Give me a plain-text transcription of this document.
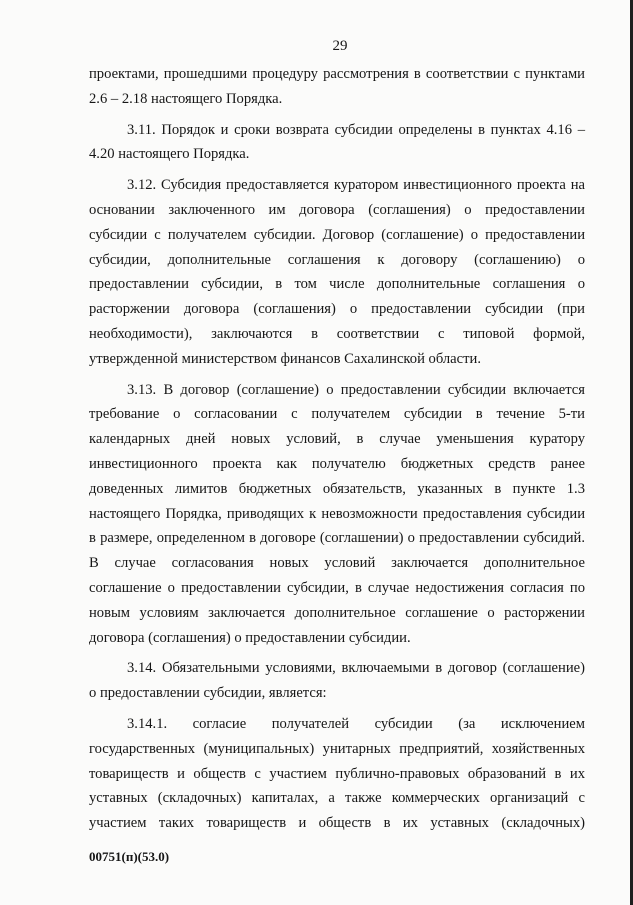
29

проектами, прошедшими процедуру рассмотрения в соответствии с пунктами
2.6 – 2.18 настоящего Порядка.

3.11. Порядок и сроки возврата субсидии определены в пунктах 4.16 –
4.20 настоящего Порядка.

3.12. Субсидия предоставляется куратором инвестиционного проекта на
основании заключенного им договора (соглашения) о предоставлении
субсидии с получателем субсидии. Договор (соглашение) о предоставлении
субсидии, дополнительные соглашения к договору (соглашению) о
предоставлении субсидии, в том числе дополнительные соглашения о
расторжении договора (соглашения) о предоставлении субсидии (при
необходимости), заключаются в соответствии с типовой формой,
утвержденной министерством финансов Сахалинской области.

3.13. В договор (соглашение) о предоставлении субсидии включается
требование о согласовании с получателем субсидии в течение 5-ти
календарных дней новых условий, в случае уменьшения куратору
инвестиционного проекта как получателю бюджетных средств ранее
доведенных лимитов бюджетных обязательств, указанных в пункте 1.3
настоящего Порядка, приводящих к невозможности предоставления субсидии
в размере, определенном в договоре (соглашении) о предоставлении субсидий.
В случае согласования новых условий заключается дополнительное
соглашение о предоставлении субсидии, в случае недостижения согласия по
новым условиям заключается дополнительное соглашение о расторжении
договора (соглашения) о предоставлении субсидии.

3.14. Обязательными условиями, включаемыми в договор (соглашение)
о предоставлении субсидии, является:

3.14.1. согласие получателей субсидии (за исключением
государственных (муниципальных) унитарных предприятий, хозяйственных
товариществ и обществ с участием публично-правовых образований в их
уставных (складочных) капиталах, а также коммерческих организаций с
участием таких товариществ и обществ в их уставных (складочных)

00751(п)(53.0)
